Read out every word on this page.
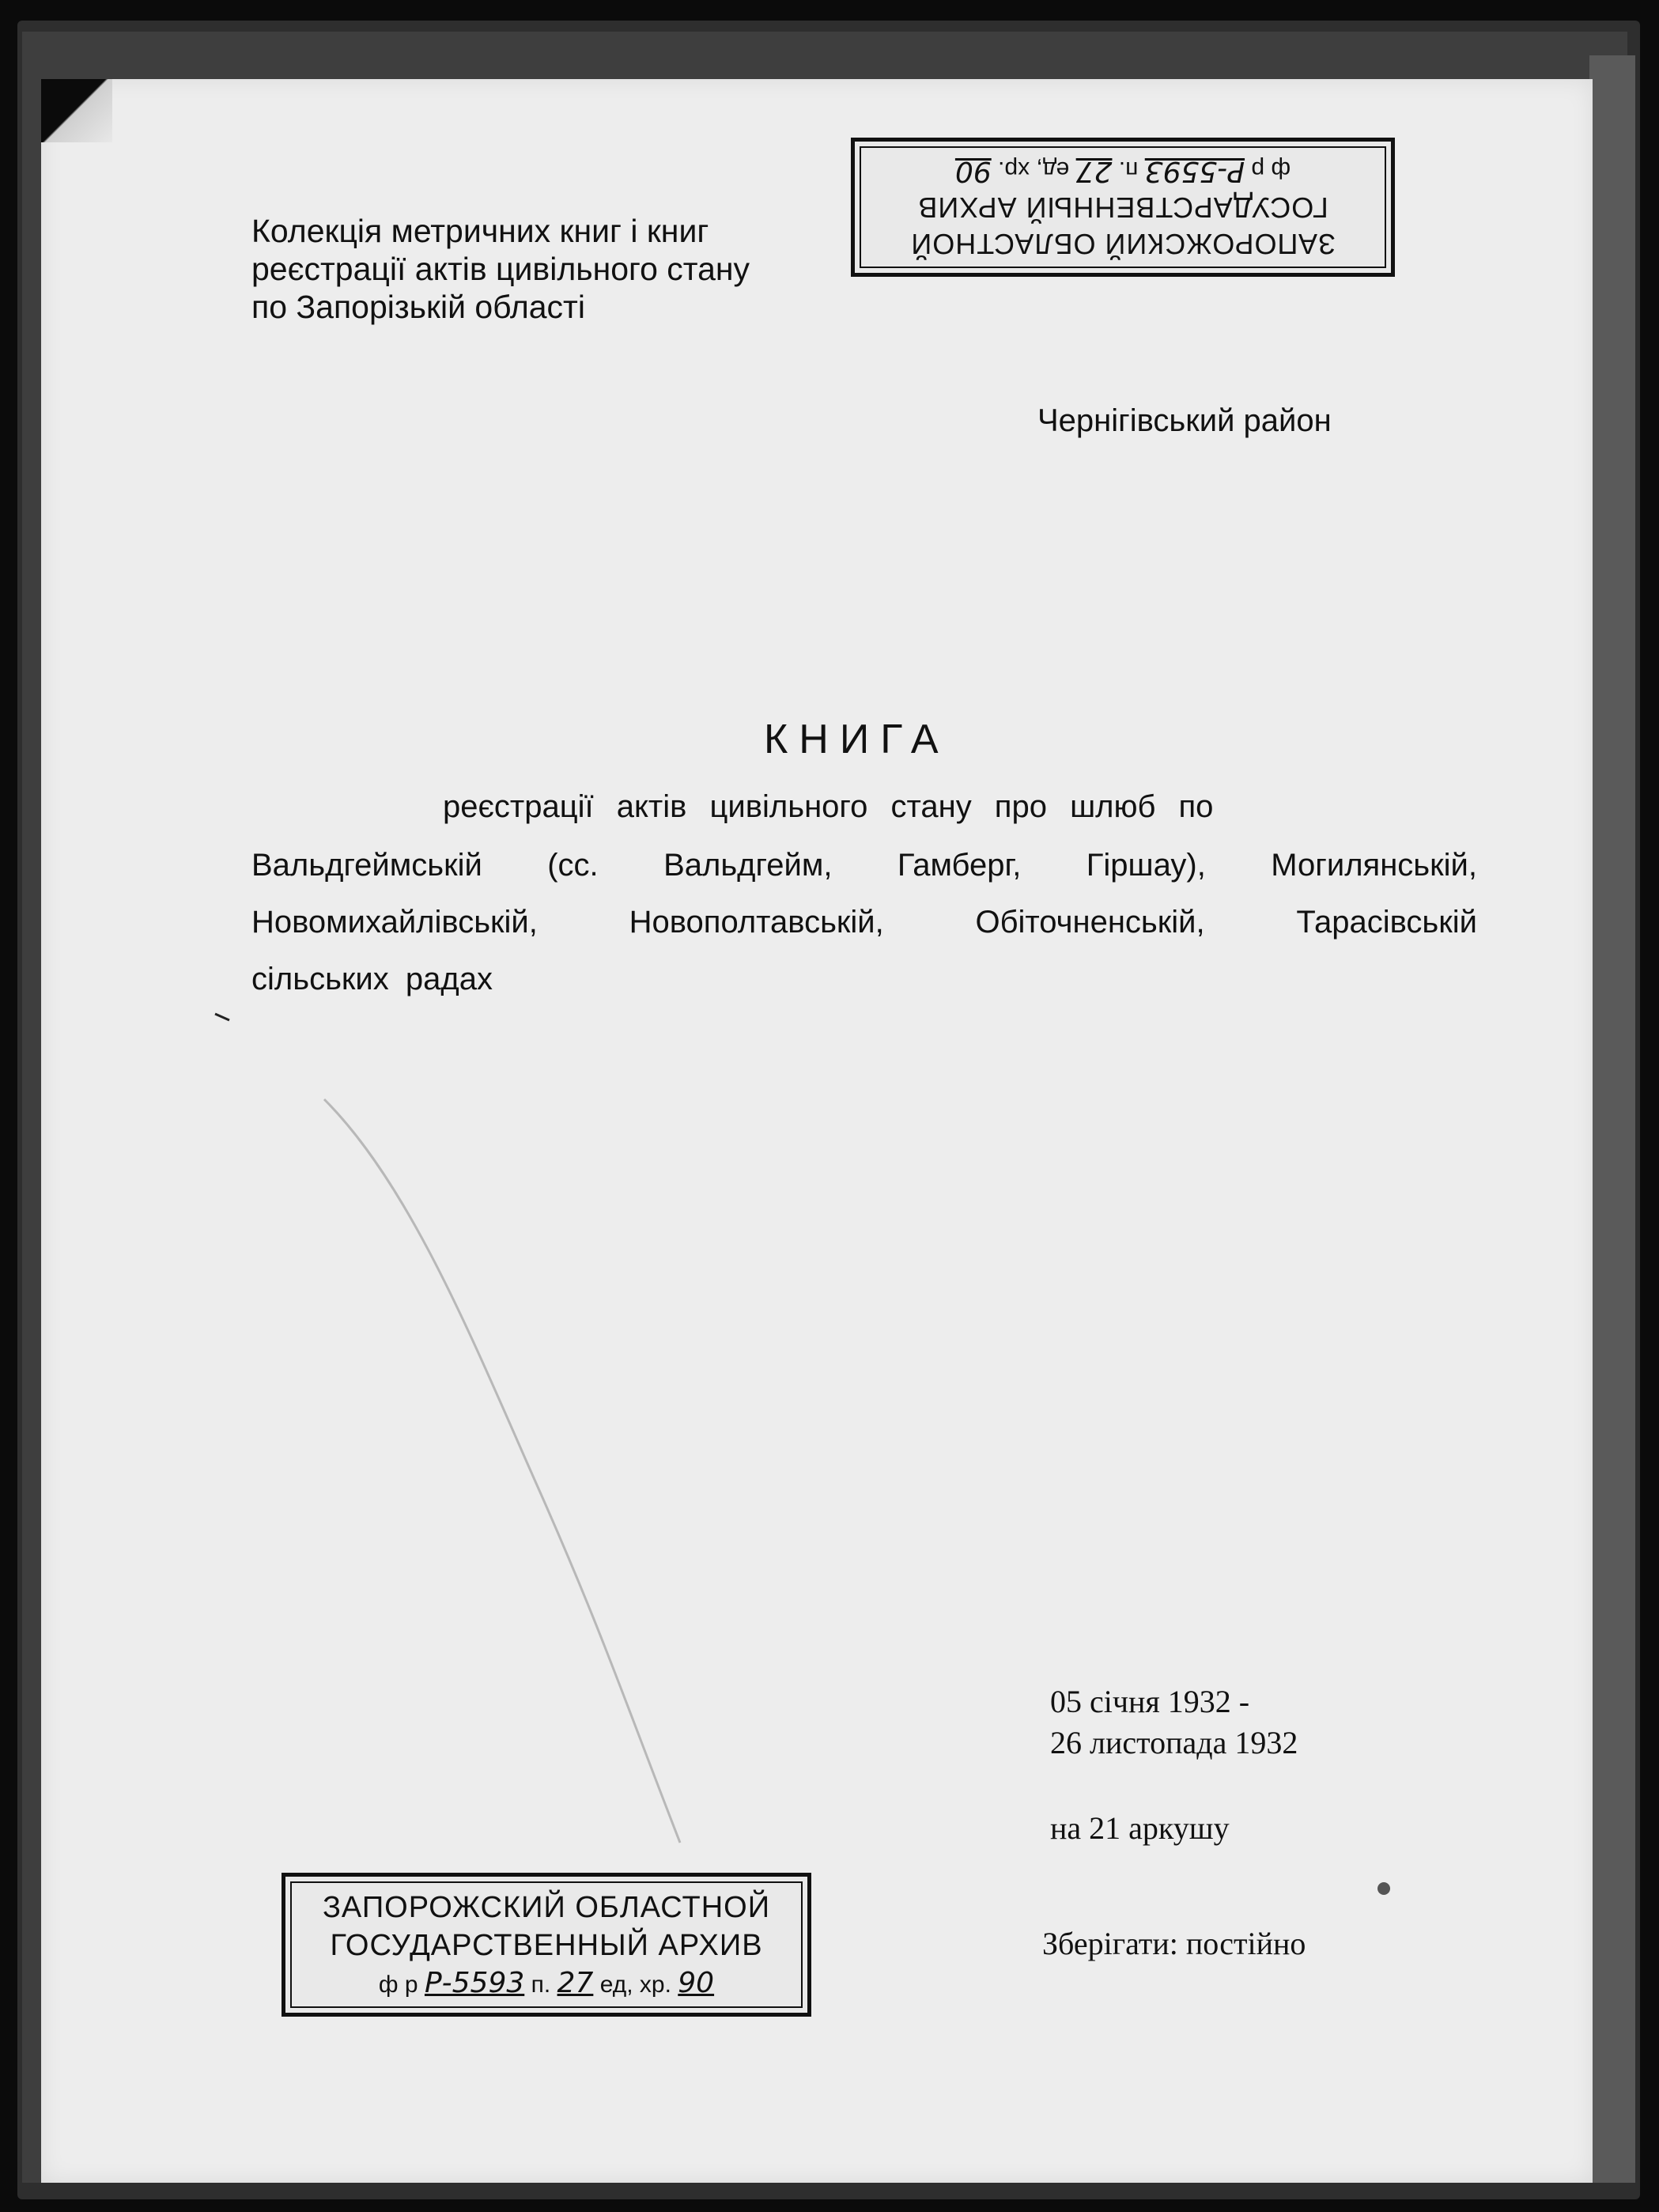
Колекція метричних книг і книг
реєстрації актів цивільного стану
по Запорізькій області
Чернігівський район
КНИГА
реєстрації актів цивільного стану про шлюб по
Вальдгеймській (сс. Вальдгейм, Гамберг, Гіршау), Могилянській,
Новомихайлівській,	Новополтавській,	Обіточненській,	Тарасівській
сільських радах
05 січня 1932 -
26 листопада 1932
на 21 аркушу
Зберігати: постійно
ЗАПОРОЖСКИЙ ОБЛАСТНОЙ
ГОСУДАРСТВЕННЫЙ АРХИВ
ф р Р-5593 п. 27 ед, хр. 90
ЗАПОРОЖСКИЙ ОБЛАСТНОЙ
ГОСУДАРСТВЕННЫЙ АРХИВ
ф р Р-5593 п. 27 ед, хр. 90
